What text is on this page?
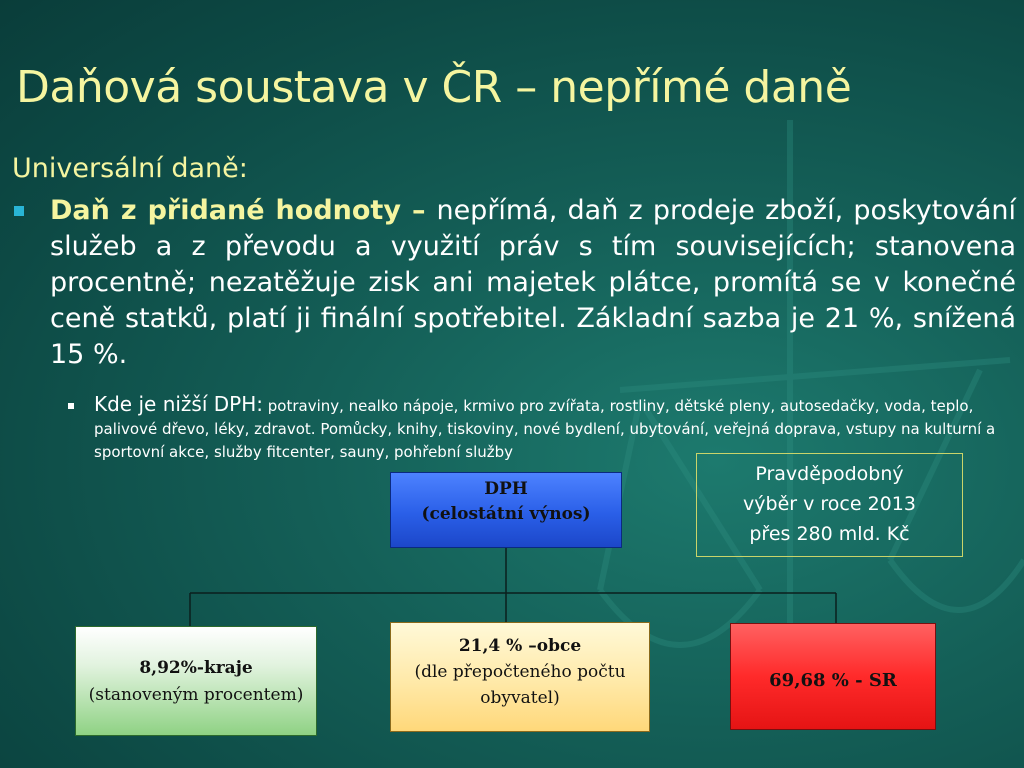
Daňová soustava v ČR – nepřímé daně
Universální daně:
Daň z přidané hodnoty – nepřímá, daň z prodeje zboží, poskytování služeb a z převodu a využití práv s tím souvisejících; stanovena procentně; nezatěžuje zisk ani majetek plátce, promítá se v konečné ceně statků, platí ji finální spotřebitel. Základní sazba je 21 %, snížená 15 %.
Kde je nižší DPH: potraviny, nealko nápoje, krmivo pro zvířata, rostliny, dětské pleny, autosedačky, voda, teplo, palivové dřevo, léky, zdravot. Pomůcky, knihy, tiskoviny, nové bydlení, ubytování, veřejná doprava, vstupy na kulturní a sportovní akce, služby fitcenter, sauny, pohřební služby
DPH
(celostátní výnos)
Pravděpodobný
výběr v roce 2013
přes 280 mld. Kč
8,92%-kraje
(stanoveným procentem)
21,4 % –obce
(dle přepočteného počtu
obyvatel)
69,68 % - SR
